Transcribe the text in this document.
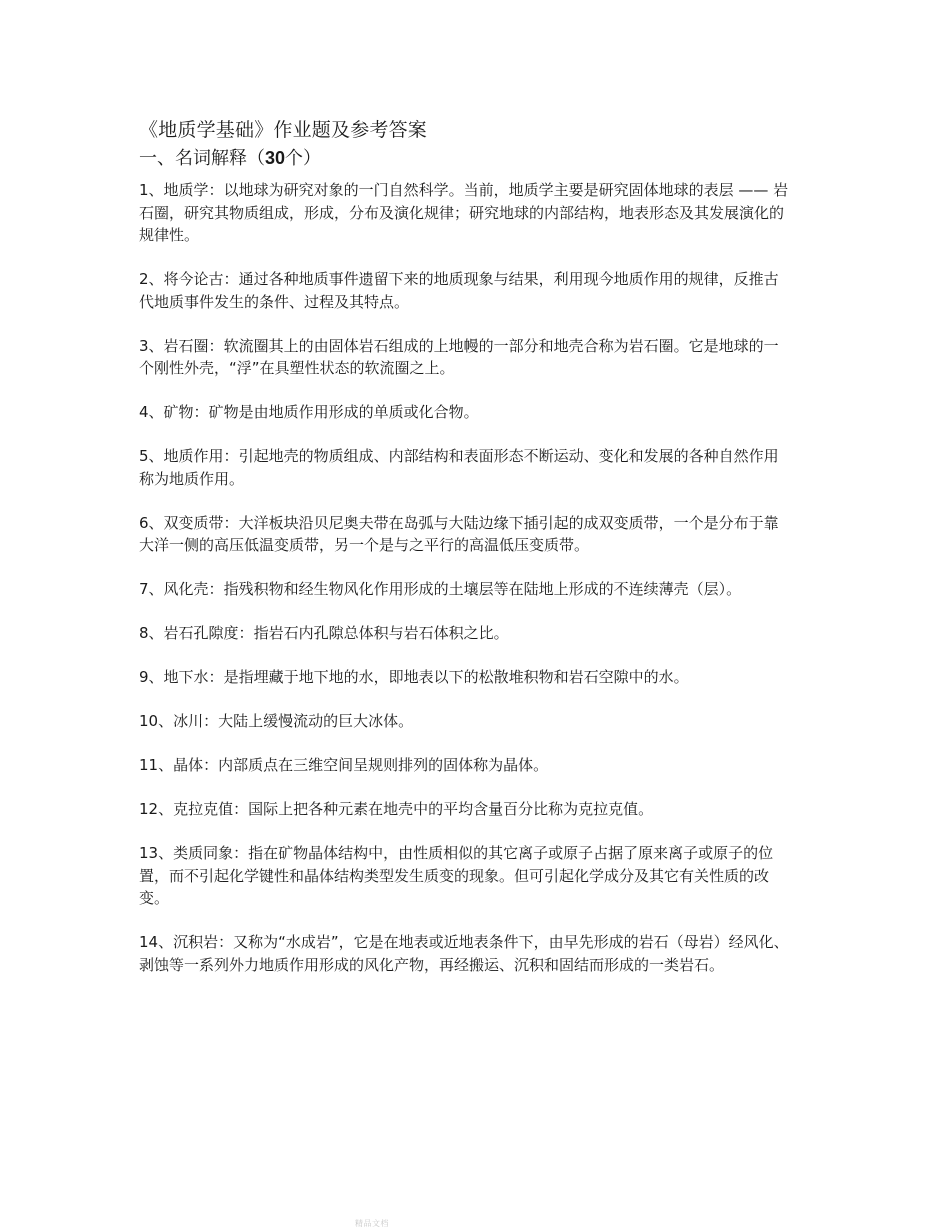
《地质学基础》作业题及参考答案
一、名词解释（30个）

1、地质学：以地球为研究对象的一门自然科学。当前，地质学主要是研究固体地球的表层 —— 岩石圈，研究其物质组成，形成，分布及演化规律；研究地球的内部结构，地表形态及其发展演化的规律性。

2、将今论古：通过各种地质事件遗留下来的地质现象与结果，利用现今地质作用的规律，反推古代地质事件发生的条件、过程及其特点。

3、岩石圈：软流圈其上的由固体岩石组成的上地幔的一部分和地壳合称为岩石圈。它是地球的一个刚性外壳，“浮”在具塑性状态的软流圈之上。

4、矿物：矿物是由地质作用形成的单质或化合物。

5、地质作用：引起地壳的物质组成、内部结构和表面形态不断运动、变化和发展的各种自然作用称为地质作用。

6、双变质带：大洋板块沿贝尼奥夫带在岛弧与大陆边缘下插引起的成双变质带，一个是分布于靠大洋一侧的高压低温变质带，另一个是与之平行的高温低压变质带。

7、风化壳：指残积物和经生物风化作用形成的土壤层等在陆地上形成的不连续薄壳（层）。

8、岩石孔隙度：指岩石内孔隙总体积与岩石体积之比。

9、地下水：是指埋藏于地下地的水，即地表以下的松散堆积物和岩石空隙中的水。

10、冰川：大陆上缓慢流动的巨大冰体。

11、晶体：内部质点在三维空间呈规则排列的固体称为晶体。

12、克拉克值：国际上把各种元素在地壳中的平均含量百分比称为克拉克值。

13、类质同象：指在矿物晶体结构中，由性质相似的其它离子或原子占据了原来离子或原子的位置，而不引起化学键性和晶体结构类型发生质变的现象。但可引起化学成分及其它有关性质的改变。

14、沉积岩：又称为“水成岩”，它是在地表或近地表条件下，由早先形成的岩石（母岩）经风化、剥蚀等一系列外力地质作用形成的风化产物，再经搬运、沉积和固结而形成的一类岩石。

精品文档
